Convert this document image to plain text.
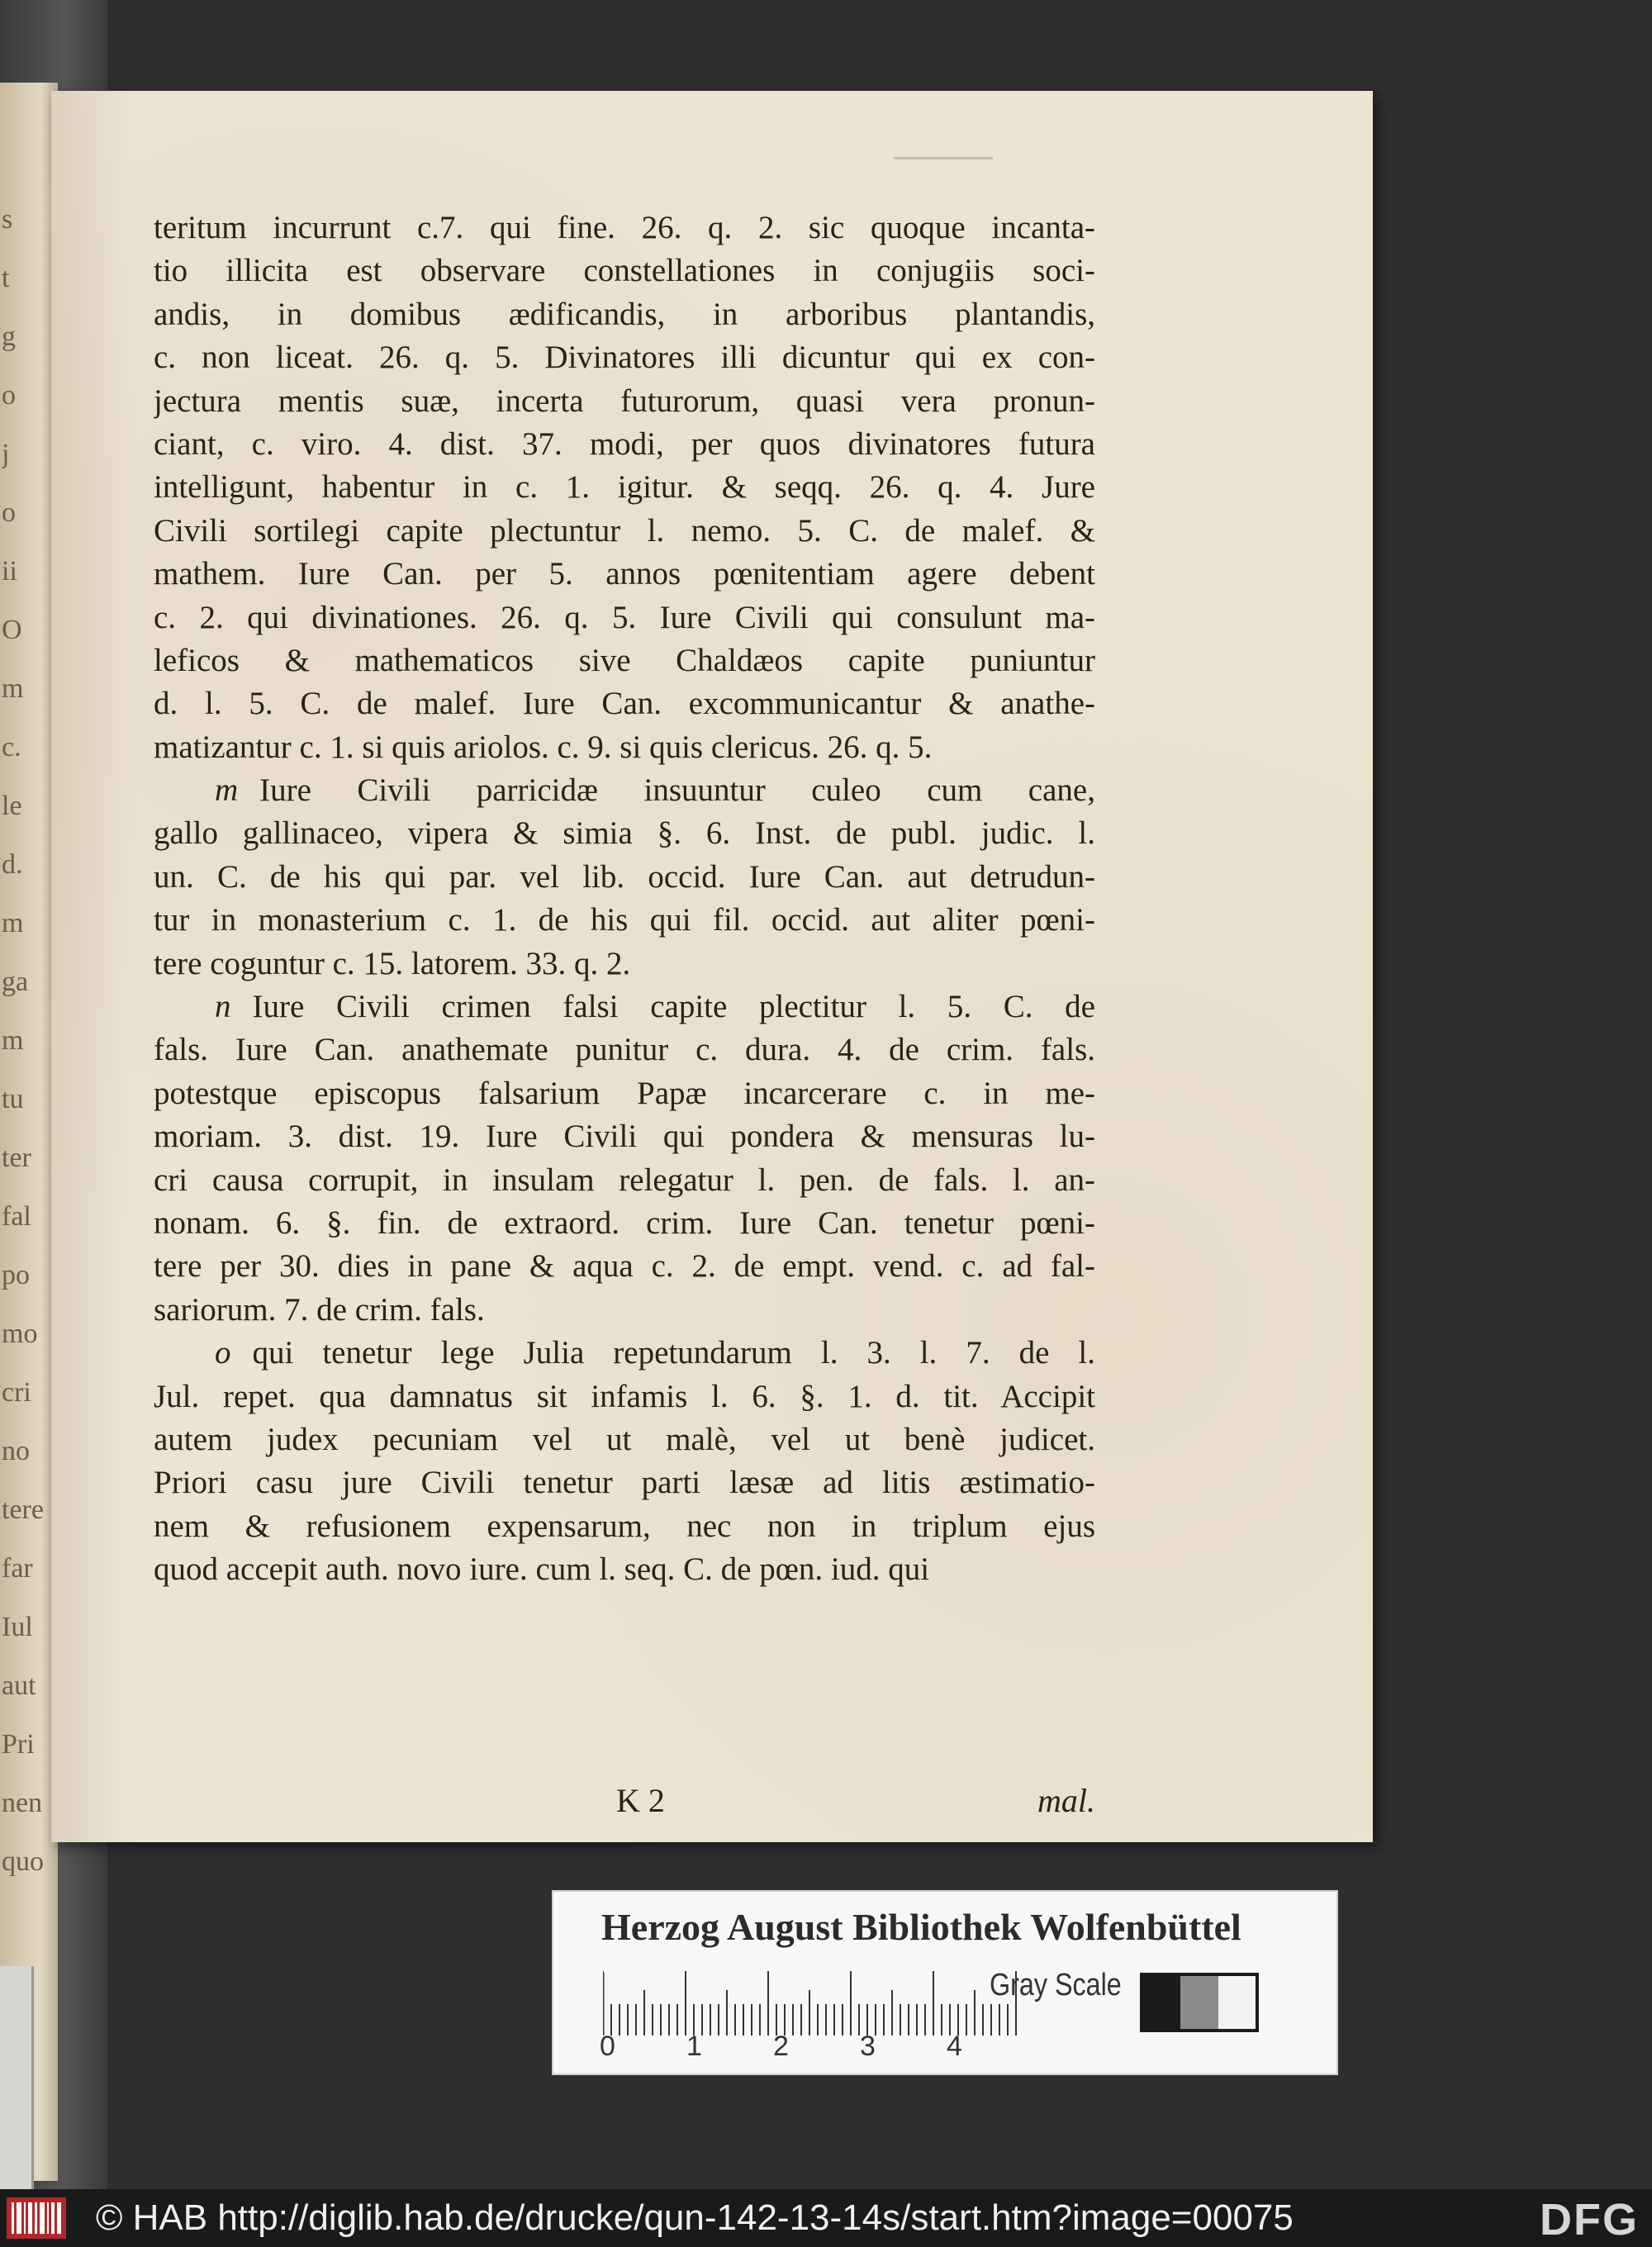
s
t
g
o
j
o
ii
O
m
c.
le
d.
m
ga
m
tu
ter
fal
po
mo
cri
no
tere
far
Iul
aut
Pri
nen
quo
teritum incurrunt c.7. qui fine. 26. q. 2. sic quoque incanta-
tio illicita est observare constellationes in conjugiis soci-
andis, in domibus ædificandis, in arboribus plantandis,
c. non liceat. 26. q. 5. Divinatores illi dicuntur qui ex con-
jectura mentis suæ, incerta futurorum, quasi vera pronun-
ciant, c. viro. 4. dist. 37. modi, per quos divinatores futura
intelligunt, habentur in c. 1. igitur. & seqq. 26. q. 4. Jure
Civili sortilegi capite plectuntur l. nemo. 5. C. de malef. &
mathem. Iure Can. per 5. annos pœnitentiam agere debent
c. 2. qui divinationes. 26. q. 5. Iure Civili qui consulunt ma-
leficos & mathematicos sive Chaldæos capite puniuntur
d. l. 5. C. de malef. Iure Can. excommunicantur & anathe-
matizantur c. 1. si quis ariolos. c. 9. si quis clericus. 26. q. 5.
m Iure Civili parricidæ insuuntur culeo cum cane,
gallo gallinaceo, vipera & simia §. 6. Inst. de publ. judic. l.
un. C. de his qui par. vel lib. occid. Iure Can. aut detrudun-
tur in monasterium c. 1. de his qui fil. occid. aut aliter pœni-
tere coguntur c. 15. latorem. 33. q. 2.
n Iure Civili crimen falsi capite plectitur l. 5. C. de
fals. Iure Can. anathemate punitur c. dura. 4. de crim. fals.
potestque episcopus falsarium Papæ incarcerare c. in me-
moriam. 3. dist. 19. Iure Civili qui pondera & mensuras lu-
cri causa corrupit, in insulam relegatur l. pen. de fals. l. an-
nonam. 6. §. fin. de extraord. crim. Iure Can. tenetur pœni-
tere per 30. dies in pane & aqua c. 2. de empt. vend. c. ad fal-
sariorum. 7. de crim. fals.
o qui tenetur lege Julia repetundarum l. 3. l. 7. de l.
Jul. repet. qua damnatus sit infamis l. 6. §. 1. d. tit. Accipit
autem judex pecuniam vel ut malè, vel ut benè judicet.
Priori casu jure Civili tenetur parti læsæ ad litis æstimatio-
nem & refusionem expensarum, nec non in triplum ejus
quod accepit auth. novo iure. cum l. seq. C. de pœn. iud. qui
K 2	mal.
Herzog August Bibliothek Wolfenbüttel
0	1	2	3	4
Gray Scale
© HAB http://diglib.hab.de/drucke/qun-142-13-14s/start.htm?image=00075	DFG
